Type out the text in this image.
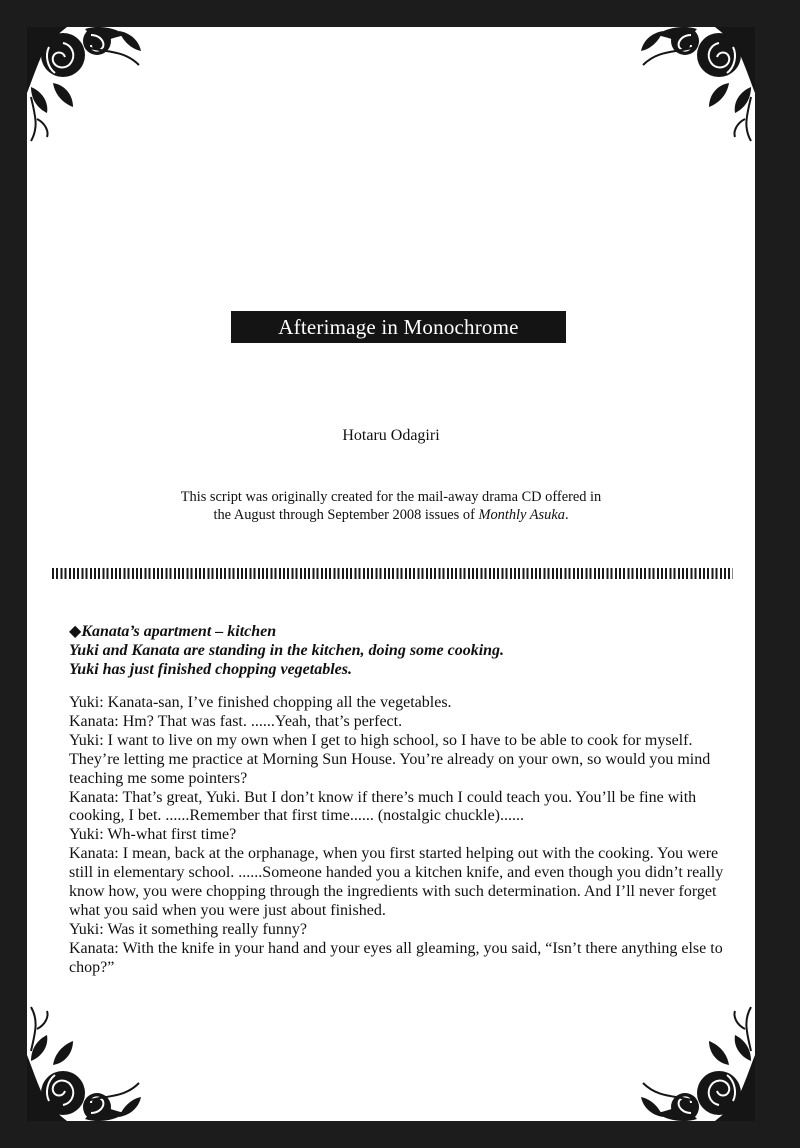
Afterimage in Monochrome
Hotaru Odagiri
This script was originally created for the mail-away drama CD offered in
the August through September 2008 issues of Monthly Asuka.
◆Kanata’s apartment – kitchen
Yuki and Kanata are standing in the kitchen, doing some cooking.
Yuki has just finished chopping vegetables.

Yuki: Kanata-san, I’ve finished chopping all the vegetables.

Kanata: Hm? That was fast. ......Yeah, that’s perfect.

Yuki: I want to live on my own when I get to high school, so I have to be able to cook for myself. They’re letting me practice at Morning Sun House. You’re already on your own, so would you mind teaching me some pointers?

Kanata: That’s great, Yuki. But I don’t know if there’s much I could teach you. You’ll be fine with cooking, I bet. ......Remember that first time...... (nostalgic chuckle)......

Yuki: Wh-what first time?

Kanata: I mean, back at the orphanage, when you first started helping out with the cooking. You were still in elementary school. ......Someone handed you a kitchen knife, and even though you didn’t really know how, you were chopping through the ingredients with such determination. And I’ll never forget what you said when you were just about finished.

Yuki: Was it something really funny?

Kanata: With the knife in your hand and your eyes all gleaming, you said, “Isn’t there anything else to chop?”
